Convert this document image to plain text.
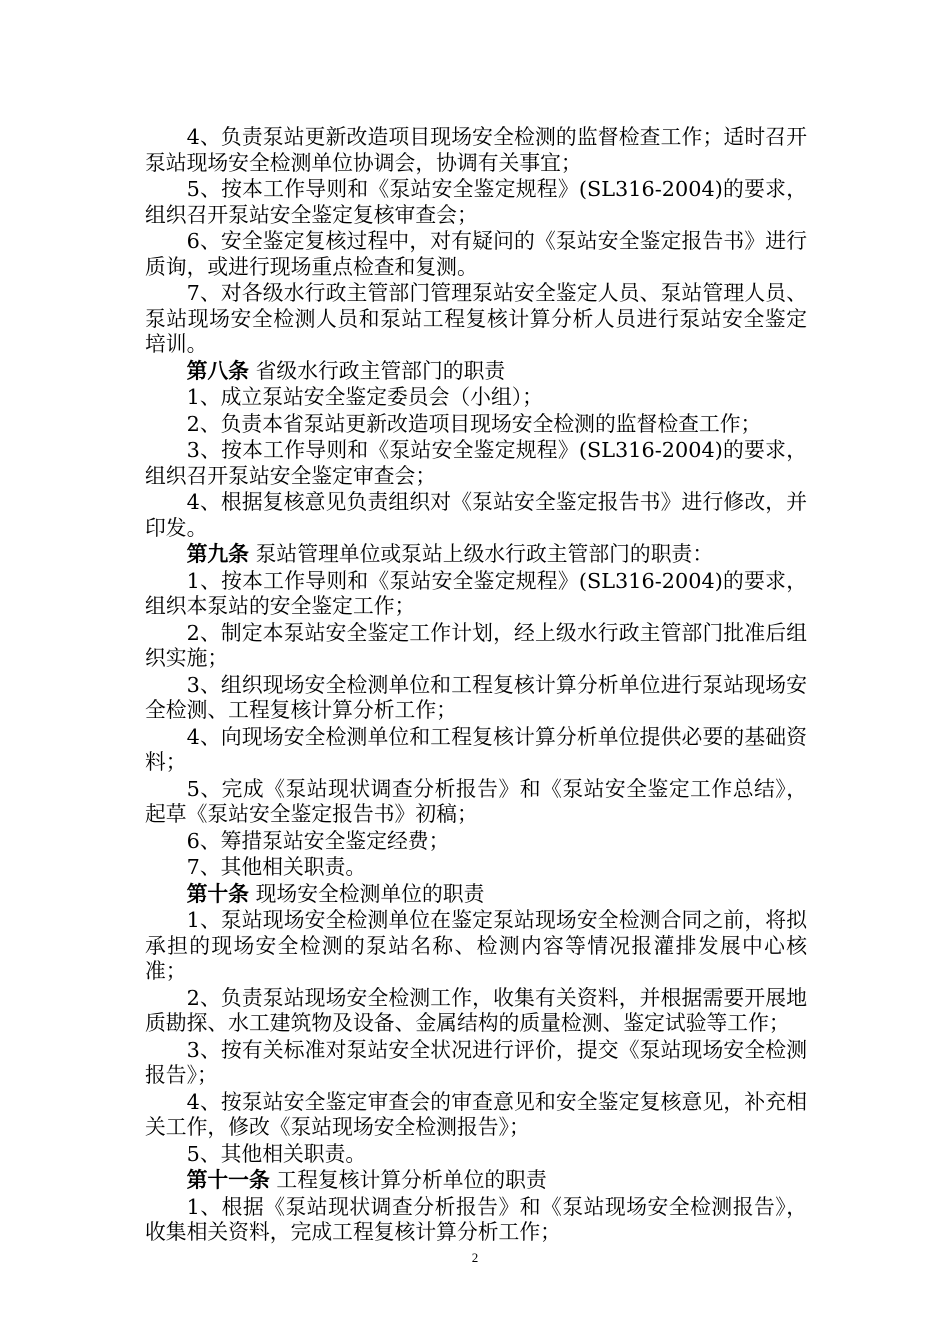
4、负责泵站更新改造项目现场安全检测的监督检查工作；适时召开泵站现场安全检测单位协调会，协调有关事宜；

5、按本工作导则和《泵站安全鉴定规程》(SL316-2004)的要求，组织召开泵站安全鉴定复核审查会；

6、安全鉴定复核过程中，对有疑问的《泵站安全鉴定报告书》进行质询，或进行现场重点检查和复测。

7、对各级水行政主管部门管理泵站安全鉴定人员、泵站管理人员、泵站现场安全检测人员和泵站工程复核计算分析人员进行泵站安全鉴定培训。

第八条 省级水行政主管部门的职责

1、成立泵站安全鉴定委员会（小组）；

2、负责本省泵站更新改造项目现场安全检测的监督检查工作；

3、按本工作导则和《泵站安全鉴定规程》(SL316-2004)的要求，组织召开泵站安全鉴定审查会；

4、根据复核意见负责组织对《泵站安全鉴定报告书》进行修改，并印发。

第九条 泵站管理单位或泵站上级水行政主管部门的职责：

1、按本工作导则和《泵站安全鉴定规程》(SL316-2004)的要求，组织本泵站的安全鉴定工作；

2、制定本泵站安全鉴定工作计划，经上级水行政主管部门批准后组织实施；

3、组织现场安全检测单位和工程复核计算分析单位进行泵站现场安全检测、工程复核计算分析工作；

4、向现场安全检测单位和工程复核计算分析单位提供必要的基础资料；

5、完成《泵站现状调查分析报告》和《泵站安全鉴定工作总结》，起草《泵站安全鉴定报告书》初稿；

6、筹措泵站安全鉴定经费；

7、其他相关职责。

第十条 现场安全检测单位的职责

1、泵站现场安全检测单位在鉴定泵站现场安全检测合同之前，将拟承担的现场安全检测的泵站名称、检测内容等情况报灌排发展中心核准；

2、负责泵站现场安全检测工作，收集有关资料，并根据需要开展地质勘探、水工建筑物及设备、金属结构的质量检测、鉴定试验等工作；

3、按有关标准对泵站安全状况进行评价，提交《泵站现场安全检测报告》；

4、按泵站安全鉴定审查会的审查意见和安全鉴定复核意见，补充相关工作，修改《泵站现场安全检测报告》；

5、其他相关职责。

第十一条 工程复核计算分析单位的职责

1、根据《泵站现状调查分析报告》和《泵站现场安全检测报告》，收集相关资料，完成工程复核计算分析工作；

2
